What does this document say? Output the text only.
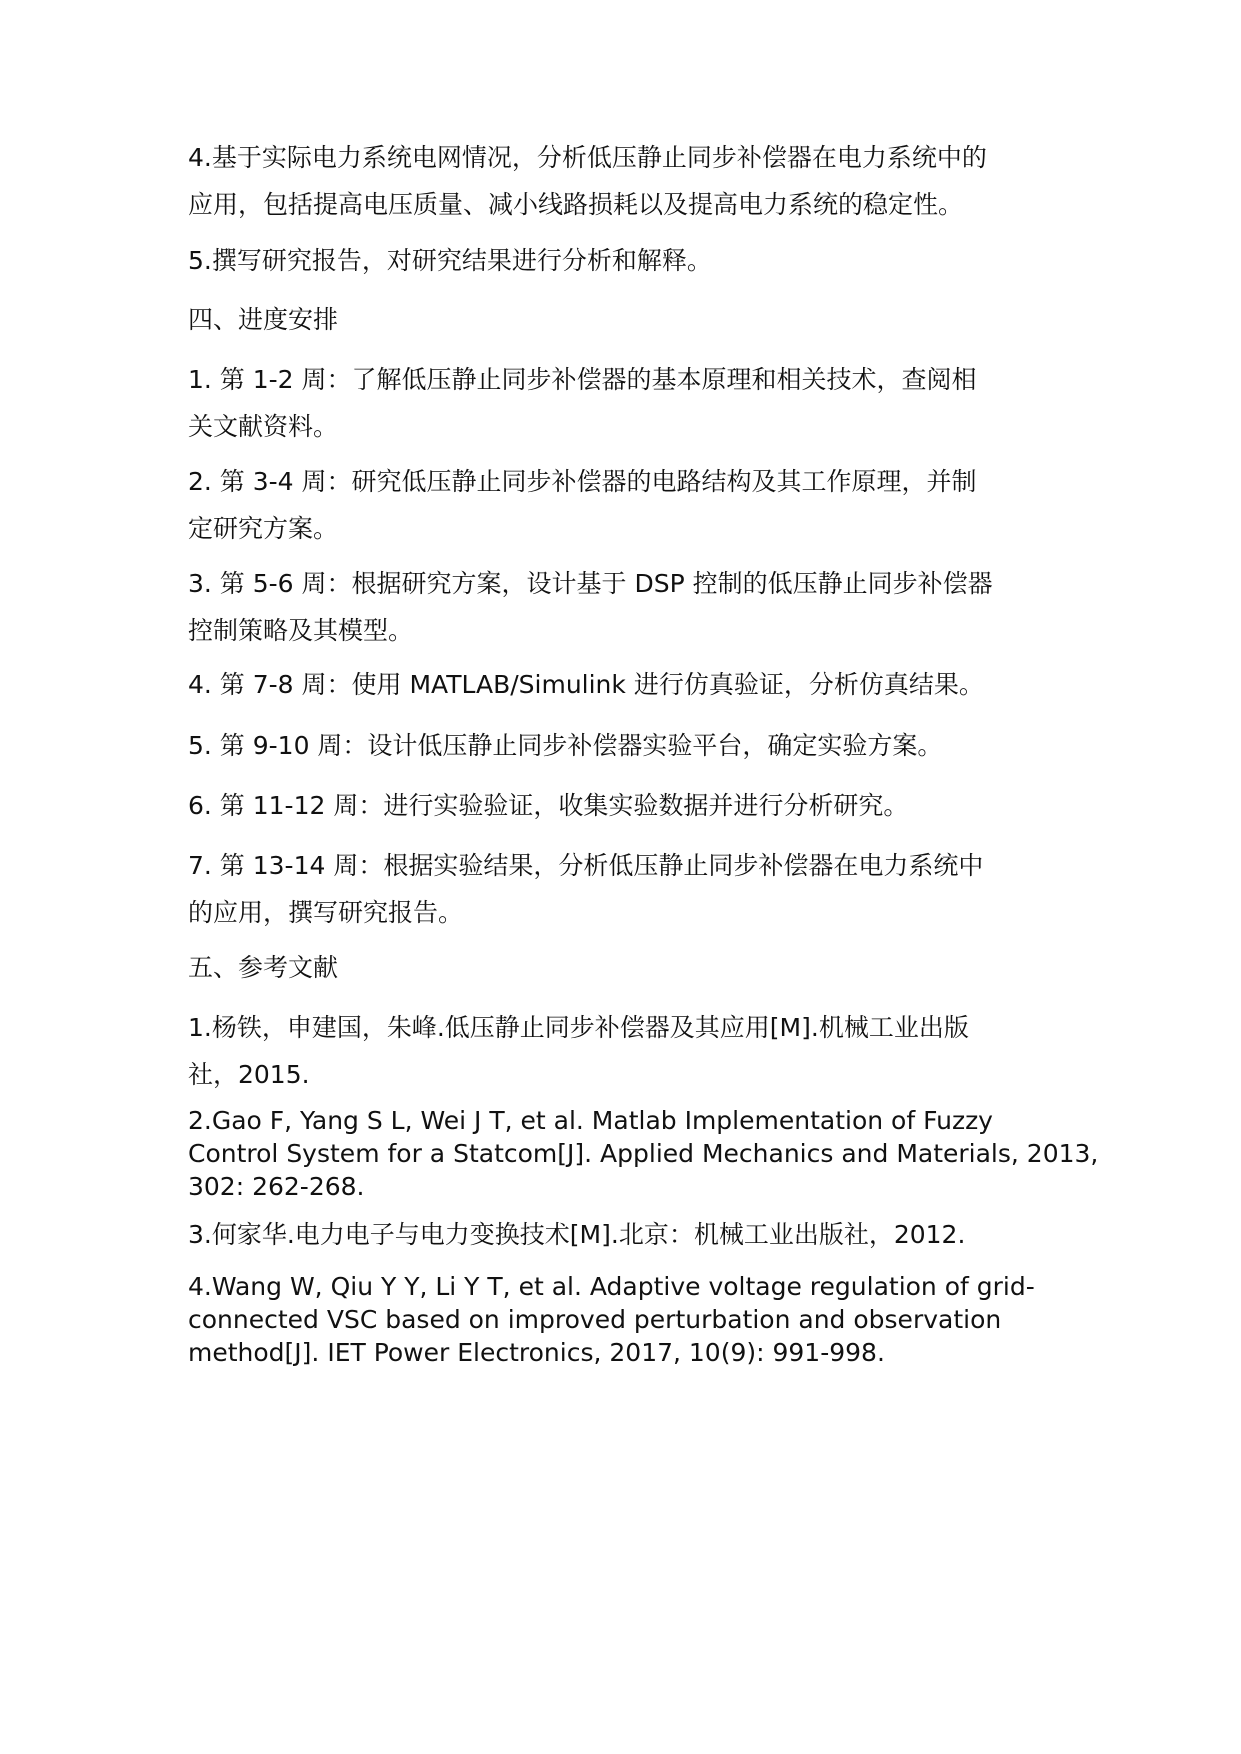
4.基于实际电力系统电网情况，分析低压静止同步补偿器在电力系统中的
应用，包括提高电压质量、减小线路损耗以及提高电力系统的稳定性。
5.撰写研究报告，对研究结果进行分析和解释。
四、进度安排
1. 第 1-2 周：了解低压静止同步补偿器的基本原理和相关技术，查阅相
关文献资料。
2. 第 3-4 周：研究低压静止同步补偿器的电路结构及其工作原理，并制
定研究方案。
3. 第 5-6 周：根据研究方案，设计基于 DSP 控制的低压静止同步补偿器
控制策略及其模型。
4. 第 7-8 周：使用 MATLAB/Simulink 进行仿真验证，分析仿真结果。
5. 第 9-10 周：设计低压静止同步补偿器实验平台，确定实验方案。
6. 第 11-12 周：进行实验验证，收集实验数据并进行分析研究。
7. 第 13-14 周：根据实验结果，分析低压静止同步补偿器在电力系统中
的应用，撰写研究报告。
五、参考文献
1.杨铁，申建国，朱峰.低压静止同步补偿器及其应用[M].机械工业出版
社，2015.
2.Gao F, Yang S L, Wei J T, et al. Matlab Implementation of Fuzzy
Control System for a Statcom[J]. Applied Mechanics and Materials, 2013,
302: 262-268.
3.何家华.电力电子与电力变换技术[M].北京：机械工业出版社，2012.
4.Wang W, Qiu Y Y, Li Y T, et al. Adaptive voltage regulation of grid-
connected VSC based on improved perturbation and observation
method[J]. IET Power Electronics, 2017, 10(9): 991-998.
